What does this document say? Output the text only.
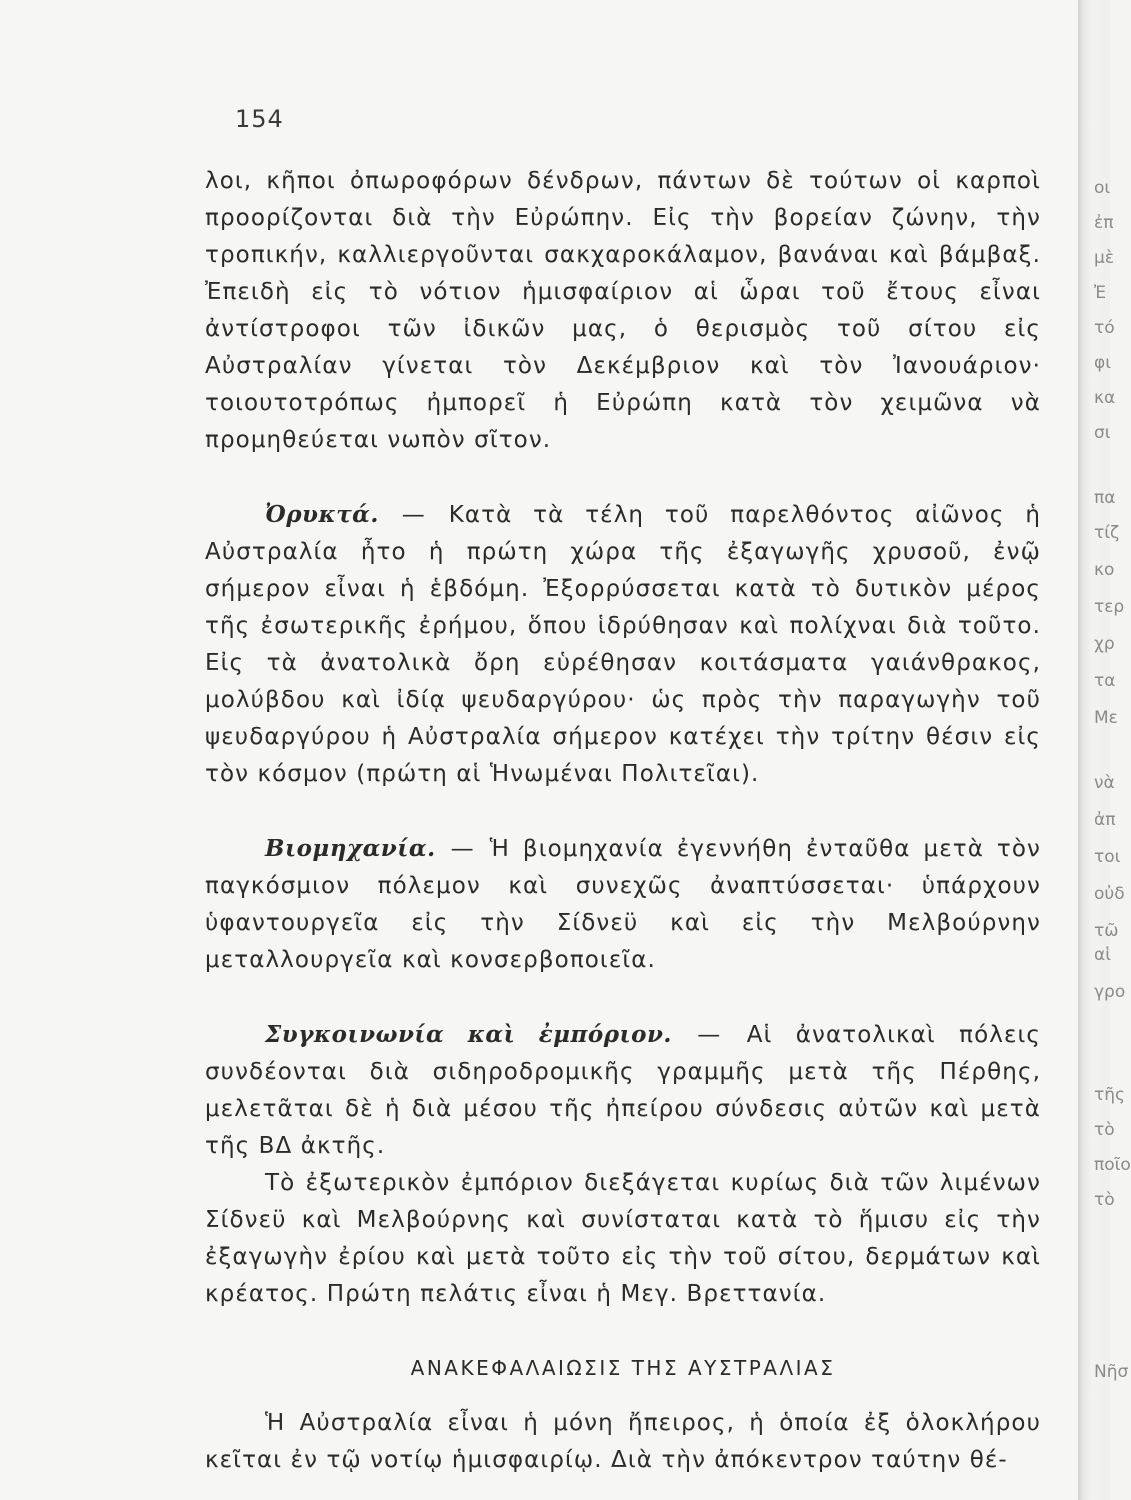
154

λοι, κῆποι ὀπωροφόρων δένδρων, πάντων δὲ τούτων οἱ καρποὶ προορίζονται διὰ τὴν Εὐρώπην. Εἰς τὴν βορείαν ζώνην, τὴν τροπικήν, καλλιεργοῦνται σακχαροκάλαμον, βανάναι καὶ βάμβαξ. Ἐπειδὴ εἰς τὸ νότιον ἡμισφαίριον αἱ ὧραι τοῦ ἔτους εἶναι ἀντίστροφοι τῶν ἰδικῶν μας, ὁ θερισμὸς τοῦ σίτου εἰς Αὐστραλίαν γίνεται τὸν Δεκέμβριον καὶ τὸν Ἰανουάριον· τοιουτοτρόπως ἠμπορεῖ ἡ Εὐρώπη κατὰ τὸν χειμῶνα νὰ προμηθεύεται νωπὸν σῖτον.

Ὀρυκτά. — Κατὰ τὰ τέλη τοῦ παρελθόντος αἰῶνος ἡ Αὐστραλία ἦτο ἡ πρώτη χώρα τῆς ἐξαγωγῆς χρυσοῦ, ἐνῷ σήμερον εἶναι ἡ ἑβδόμη. Ἐξορρύσσεται κατὰ τὸ δυτικὸν μέρος τῆς ἐσωτερικῆς ἐρήμου, ὅπου ἱδρύθησαν καὶ πολίχναι διὰ τοῦτο. Εἰς τὰ ἀνατολικὰ ὄρη εὑρέθησαν κοιτάσματα γαιάνθρακος, μολύβδου καὶ ἰδίᾳ ψευδαργύρου· ὡς πρὸς τὴν παραγωγὴν τοῦ ψευδαργύρου ἡ Αὐστραλία σήμερον κατέχει τὴν τρίτην θέσιν εἰς τὸν κόσμον (πρώτη αἱ Ἡνωμέναι Πολιτεῖαι).

Βιομηχανία. — Ἡ βιομηχανία ἐγεννήθη ἐνταῦθα μετὰ τὸν παγκόσμιον πόλεμον καὶ συνεχῶς ἀναπτύσσεται· ὑπάρχουν ὑφαντουργεῖα εἰς τὴν Σίδνεϋ καὶ εἰς τὴν Μελβούρνην μεταλλουργεῖα καὶ κονσερβοποιεῖα.

Συγκοινωνία καὶ ἐμπόριον. — Αἱ ἀνατολικαὶ πόλεις συνδέονται διὰ σιδηροδρομικῆς γραμμῆς μετὰ τῆς Πέρθης, μελετᾶται δὲ ἡ διὰ μέσου τῆς ἠπείρου σύνδεσις αὐτῶν καὶ μετὰ τῆς ΒΔ ἀκτῆς.

Τὸ ἐξωτερικὸν ἐμπόριον διεξάγεται κυρίως διὰ τῶν λιμένων Σίδνεϋ καὶ Μελβούρνης καὶ συνίσταται κατὰ τὸ ἥμισυ εἰς τὴν ἐξαγωγὴν ἐρίου καὶ μετὰ τοῦτο εἰς τὴν τοῦ σίτου, δερμάτων καὶ κρέατος. Πρώτη πελάτις εἶναι ἡ Μεγ. Βρεττανία.

ΑΝΑΚΕΦΑΛΑΙΩΣΙΣ ΤΗΣ ΑΥΣΤΡΑΛΙΑΣ

Ἡ Αὐστραλία εἶναι ἡ μόνη ἤπειρος, ἡ ὁποία ἐξ ὁλοκλήρου κεῖται ἐν τῷ νοτίῳ ἡμισφαιρίῳ. Διὰ τὴν ἀπόκεντρον ταύτην θέ-

οι
ἐπ
μὲ
Ἐ
τό
φι
κα
σι
πα
τίζ
κο
τερ
χρ
τα
Με
νὰ
ἀπ
τοι
οὐδ
τῶ
αἱ
γρο
τῆς
τὸ
ποῖο
τὸ
Νῆσ
